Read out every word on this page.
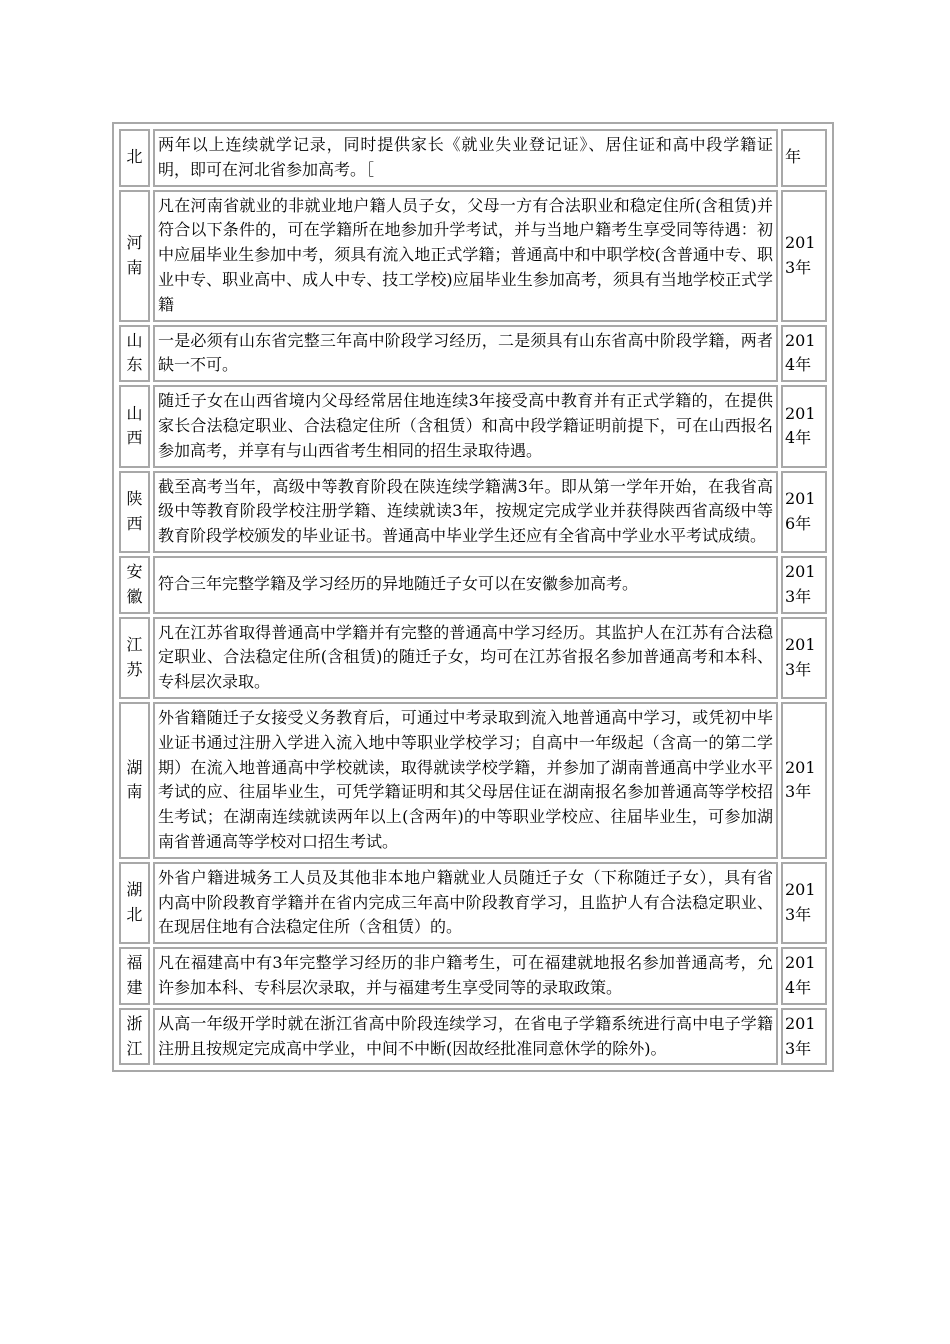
北	两年以上连续就学记录，同时提供家长《就业失业登记证》、居住证和高中段学籍证明，即可在河北省参加高考。［	年

河南	凡在河南省就业的非就业地户籍人员子女，父母一方有合法职业和稳定住所(含租赁)并符合以下条件的，可在学籍所在地参加升学考试，并与当地户籍考生享受同等待遇：初中应届毕业生参加中考，须具有流入地正式学籍；普通高中和中职学校(含普通中专、职业中专、职业高中、成人中专、技工学校)应届毕业生参加高考，须具有当地学校正式学籍	2013年

山东	一是必须有山东省完整三年高中阶段学习经历，二是须具有山东省高中阶段学籍，两者缺一不可。	2014年

山西	随迁子女在山西省境内父母经常居住地连续3年接受高中教育并有正式学籍的，在提供家长合法稳定职业、合法稳定住所（含租赁）和高中段学籍证明前提下，可在山西报名参加高考，并享有与山西省考生相同的招生录取待遇。	2014年

陕西	截至高考当年，高级中等教育阶段在陕连续学籍满3年。即从第一学年开始，在我省高级中等教育阶段学校注册学籍、连续就读3年，按规定完成学业并获得陕西省高级中等教育阶段学校颁发的毕业证书。普通高中毕业学生还应有全省高中学业水平考试成绩。	2016年

安徽	符合三年完整学籍及学习经历的异地随迁子女可以在安徽参加高考。	2013年

江苏	凡在江苏省取得普通高中学籍并有完整的普通高中学习经历。其监护人在江苏有合法稳定职业、合法稳定住所(含租赁)的随迁子女，均可在江苏省报名参加普通高考和本科、专科层次录取。	2013年

湖南	外省籍随迁子女接受义务教育后，可通过中考录取到流入地普通高中学习，或凭初中毕业证书通过注册入学进入流入地中等职业学校学习；自高中一年级起（含高一的第二学期）在流入地普通高中学校就读，取得就读学校学籍，并参加了湖南普通高中学业水平考试的应、往届毕业生，可凭学籍证明和其父母居住证在湖南报名参加普通高等学校招生考试；在湖南连续就读两年以上(含两年)的中等职业学校应、往届毕业生，可参加湖南省普通高等学校对口招生考试。	2013年

湖北	外省户籍进城务工人员及其他非本地户籍就业人员随迁子女（下称随迁子女），具有省内高中阶段教育学籍并在省内完成三年高中阶段教育学习，且监护人有合法稳定职业、在现居住地有合法稳定住所（含租赁）的。	2013年

福建	凡在福建高中有3年完整学习经历的非户籍考生，可在福建就地报名参加普通高考，允许参加本科、专科层次录取，并与福建考生享受同等的录取政策。	2014年

浙江	从高一年级开学时就在浙江省高中阶段连续学习，在省电子学籍系统进行高中电子学籍注册且按规定完成高中学业，中间不中断(因故经批准同意休学的除外)。	2013年
